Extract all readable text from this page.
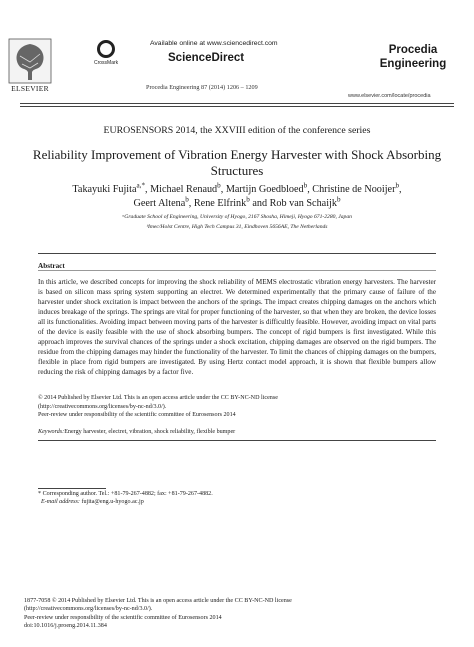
ELSEVIER
CrossMark
Available online at www.sciencedirect.com
ScienceDirect
Procedia Engineering 87 (2014) 1206 – 1209
Procedia
Engineering
www.elsevier.com/locate/procedia
EUROSENSORS 2014, the XXVIII edition of the conference series
Reliability Improvement of Vibration Energy Harvester with Shock Absorbing Structures
Takayuki Fujita$^{a,*}$, Michael Renaud$^b$, Martijn Goedbloed$^b$, Christine de Nooijer$^b$,
Geert Altena$^b$, Rene Elfrink$^b$ and Rob van Schaijk$^b$
ᵃGraduate School of Engineering, University of Hyogo, 2167 Shosha, Himeji, Hyogo 671-2280, Japan
ᵇImec/Holst Centre, High Tech Campus 31, Eindhoven 5656AE, The Netherlands
Abstract
In this article, we described concepts for improving the shock reliability of MEMS electrostatic vibration energy harvesters. The harvester is based on silicon mass spring system supporting an electret. We determined experimentally that the primary cause of failure of the harvester under shock excitation is impact between the anchors of the springs. The impact creates chipping damages on the anchors which induces breakage of the springs. The springs are vital for proper functioning of the harvester, so that when they are broken, the device losses all its functionalities. Avoiding impact between moving parts of the harvester is difficultly feasible. However, avoiding impact on vital parts of the device is easily feasible with the use of shock absorbing bumpers. The concept of rigid bumpers is first investigated. While this approach improves the survival chances of the springs under a shock excitation, chipping damages are observed on the rigid bumpers. The residue from the chipping damages may hinder the functionality of the harvester. To limit the chances of chipping damages on the bumpers, flexible in place from rigid bumpers are investigated. By using Hertz contact model approach, it is shown that flexible bumpers allow reducing the risk of chipping damages by a factor five.
© 2014 Published by Elsevier Ltd. This is an open access article under the CC BY-NC-ND license
(http://creativecommons.org/licenses/by-nc-nd/3.0/).
Peer-review under responsibility of the scientific committee of Eurosensors 2014
Keywords:Energy harvester, electret, vibration, shock reliability, flexible bumper
* Corresponding author. Tel.: +81-79-267-4882; fax: +81-79-267-4882.
E-mail address: fujita@eng.u-hyogo.ac.jp
1877-7058 © 2014 Published by Elsevier Ltd. This is an open access article under the CC BY-NC-ND license
(http://creativecommons.org/licenses/by-nc-nd/3.0/).
Peer-review under responsibility of the scientific committee of Eurosensors 2014
doi:10.1016/j.proeng.2014.11.384
